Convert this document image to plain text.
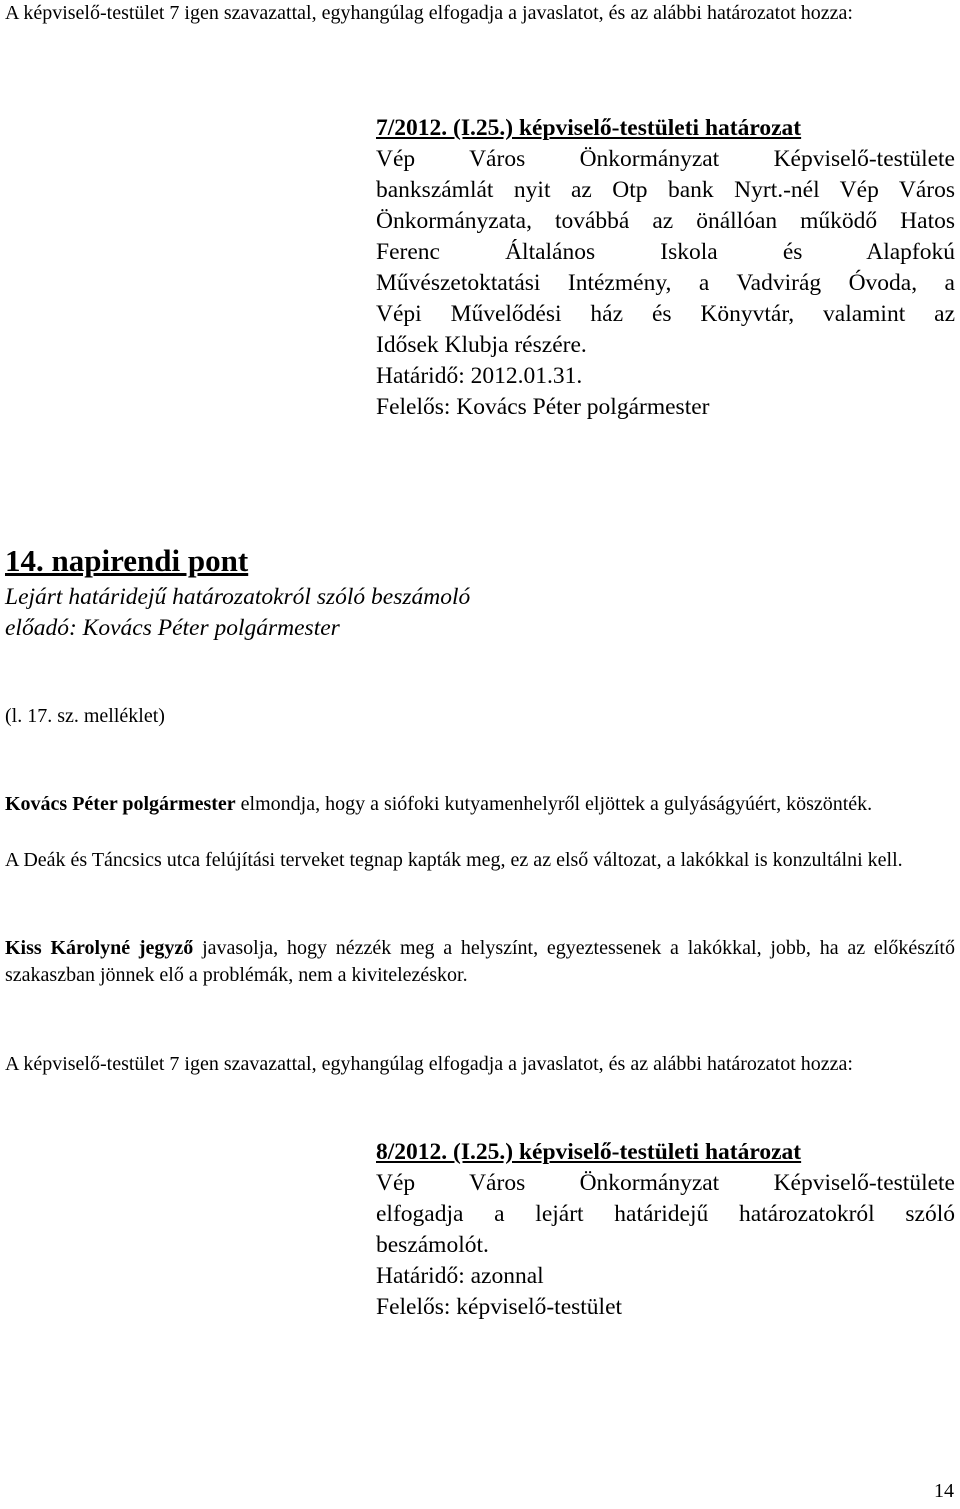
A képviselő-testület 7 igen szavazattal, egyhangúlag elfogadja a javaslatot, és az alábbi határozatot hozza:

7/2012. (I.25.) képviselő-testületi határozat
Vép Város Önkormányzat Képviselő-testülete
bankszámlát nyit az Otp bank Nyrt.-nél Vép Város
Önkormányzata, továbbá az önállóan működő Hatos
Ferenc Általános Iskola és Alapfokú
Művészetoktatási Intézmény, a Vadvirág Óvoda, a
Vépi Művelődési ház és Könyvtár, valamint az
Idősek Klubja részére.
Határidő: 2012.01.31.
Felelős: Kovács Péter polgármester
14. napirendi pont
Lejárt határidejű határozatokról szóló beszámoló
előadó: Kovács Péter polgármester
(l. 17. sz. melléklet)

Kovács Péter polgármester elmondja, hogy a siófoki kutyamenhelyről eljöttek a gulyáságyúért, köszönték.

A Deák és Táncsics utca felújítási terveket tegnap kapták meg, ez az első változat, a lakókkal is konzultálni kell.

Kiss Károlyné jegyző javasolja, hogy nézzék meg a helyszínt, egyeztessenek a lakókkal, jobb, ha az előkészítő szakaszban jönnek elő a problémák, nem a kivitelezéskor.

A képviselő-testület 7 igen szavazattal, egyhangúlag elfogadja a javaslatot, és az alábbi határozatot hozza:

8/2012. (I.25.) képviselő-testületi határozat
Vép Város Önkormányzat Képviselő-testülete
elfogadja a lejárt határidejű határozatokról szóló
beszámolót.
Határidő: azonnal
Felelős: képviselő-testület
14
